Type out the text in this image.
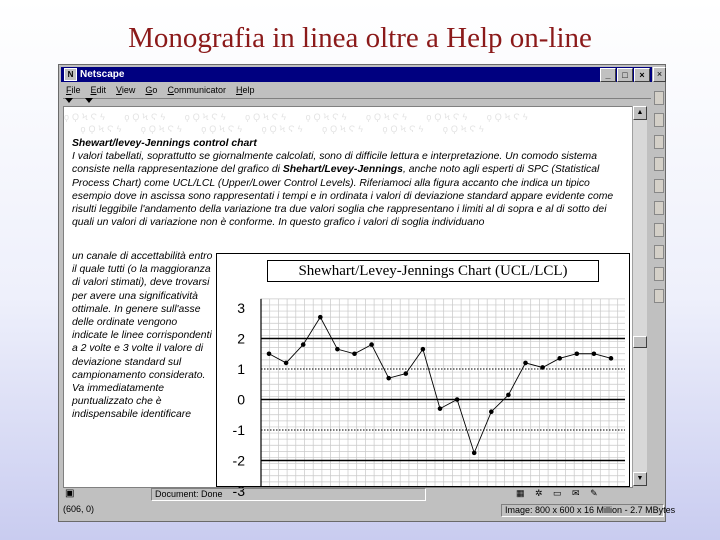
Monografia in linea oltre a Help on-line
N Netscape	_	□	×	×
File Edit View Go Communicator Help
ϙϘϞϚϟ   ϙϘϞϚϟ   ϙϘϞϚϟ   ϙϘϞϚϟ   ϙϘϞϚϟ   ϙϘϞϚϟ   ϙϘϞϚϟ   ϙϘϞϚϟ
ϙϘϞϚϟ   ϙϘϞϚϟ   ϙϘϞϚϟ   ϙϘϞϚϟ   ϙϘϞϚϟ   ϙϘϞϚϟ   ϙϘϞϚϟ
Shewart/levey-Jennings control chart
I valori tabellati, soprattutto se giornalmente calcolati, sono di difficile lettura e interpretazione. Un comodo sistema consiste nella rappresentazione del grafico di Shehart/Levey-Jennings, anche noto agli esperti di SPC (Statistical Process Chart) come UCL/LCL (Upper/Lower Control Levels). Riferiamoci alla figura accanto che indica un tipico esempio dove in ascissa sono rappresentati i tempi e in ordinata i valori di deviazione standard appare evidente come risulti leggibile l'andamento della variazione tra due valori soglia che rappresentano i limiti al di sopra e al di sotto dei quali un valori di variazione non è conforme. In questo grafico i valori di soglia individuano
un canale di accettabilità entro il quale tutti (o la maggioranza di valori stimati), deve trovarsi per avere una significatività ottimale. In genere sull'asse delle ordinate vengono indicate le linee corrispondenti a 2 volte e 3 volte il valore di deviazione standard sul campionamento considerato. Va immediatamente puntualizzato che è indispensabile identificare
3
2
1
0
-1
-2
-3
Shewhart/Levey-Jennings Chart (UCL/LCL)
▲
▼
▣	Document: Done	▦ ✲ ▭ ✉ ✎
(606, 0)	Image: 800 x 600 x 16 Million - 2.7 MBytes
